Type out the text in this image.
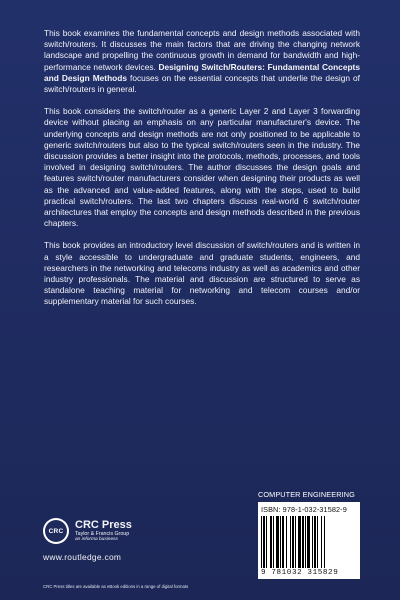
This book examines the fundamental concepts and design methods associated with switch/routers. It discusses the main factors that are driving the changing network landscape and propelling the continuous growth in demand for bandwidth and high-performance network devices. Designing Switch/Routers: Fundamental Concepts and Design Methods focuses on the essential concepts that underlie the design of switch/routers in general.

This book considers the switch/router as a generic Layer 2 and Layer 3 forwarding device without placing an emphasis on any particular manufacturer's device. The underlying concepts and design methods are not only positioned to be applicable to generic switch/routers but also to the typical switch/routers seen in the industry. The discussion provides a better insight into the protocols, methods, processes, and tools involved in designing switch/routers. The author discusses the design goals and features switch/router manufacturers consider when designing their products as well as the advanced and value-added features, along with the steps, used to build practical switch/routers. The last two chapters discuss real-world 6 switch/router architectures that employ the concepts and design methods described in the previous chapters.

This book provides an introductory level discussion of switch/routers and is written in a style accessible to undergraduate and graduate students, engineers, and researchers in the networking and telecoms industry as well as academics and other industry professionals. The material and discussion are structured to serve as standalone teaching material for networking and telecom courses and/or supplementary material for such courses.

CRC
CRC Press
Taylor & Francis Group
an informa business
www.routledge.com
CRC Press titles are available as eBook editions in a range of digital formats
COMPUTER ENGINEERING
ISBN: 978-1-032-31582-9
9 781032 315829
